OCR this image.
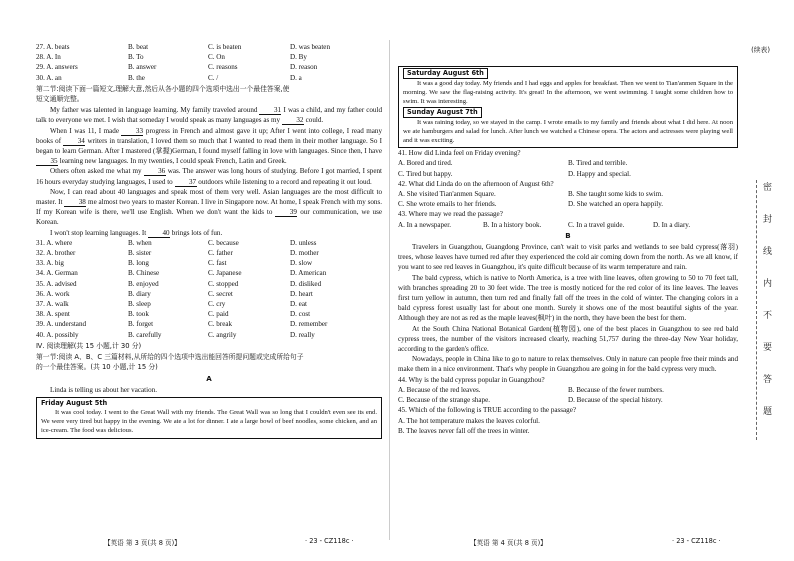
27. A. beats	B. beat	C. is beaten	D. was beaten
28. A. In	B. To	C. On	D. By
29. A. answers	B. answer	C. reasons	D. reason
30. A. an	B. the	C. /	D. a
第二节:阅读下面一篇短文,理解大意,然后从各小题的四个选项中选出一个最佳答案,使
短文通顺完整。

My father was talented in language learning. My family traveled around 31 I was a child, and my father could talk to everyone we met. I wish that someday I would speak as many languages as my 32 could.

When I was 11, I made 33 progress in French and almost gave it up; After I went into college, I read many books of 34 writers in translation, I loved them so much that I wanted to read them in their mother language. So I began to learn German. After I mastered (掌握)German, I found myself falling in love with languages. Since then, I have 35 learning new languages. In my twenties, I could speak French, Latin and Greek.

Others often asked me what my 36 was. The answer was long hours of studying. Before I got married, I spent 16 hours everyday studying languages, I used to 37 outdoors while listening to a record and repeating it out loud.

Now, I can read about 40 languages and speak most of them very well. Asian languages are the most difficult to master. It 38 me almost two years to master Korean. I live in Singapore now. At home, I speak French with my sons. If my Korean wife is there, we'll use English. When we don't want the kids to 39 our communication, we use Korean.

I won't stop learning languages. It 40 brings lots of fun.

31. A. where	B. when	C. because	D. unless
32. A. brother	B. sister	C. father	D. mother
33. A. big	B. long	C. fast	D. slow
34. A. German	B. Chinese	C. Japanese	D. American
35. A. advised	B. enjoyed	C. stopped	D. disliked
36. A. work	B. diary	C. secret	D. heart
37. A. walk	B. sleep	C. cry	D. eat
38. A. spent	B. took	C. paid	D. cost
39. A. understand	B. forget	C. break	D. remember
40. A. possibly	B. carefully	C. angrily	D. really
Ⅳ. 阅读理解(共 15 小题,计 30 分)
第一节:阅读 A、B、C 三篇材料,从所给的四个选项中选出能回答所提问题或完成所给句子
的一个最佳答案。(共 10 小题,计 15 分)
A

Linda is telling us about her vacation.

Friday August 5th

It was cool today. I went to the Great Wall with my friends. The Great Wall was so long that I couldn't even see its end. We were very tired but happy in the evening. We ate a lot for dinner. I ate a large bowl of beef noodles, some chicken, and an ice-cream. The food was delicious.

【英语 第 3 页(共 8 页)】	· 23 - CZ118c ·
(续表)
Saturday August 6th

It was a good day today. My friends and I had eggs and apples for breakfast. Then we went to Tian'anmen Square in the morning. We saw the flag-raising activity. It's great! In the afternoon, we went swimming. I taught some children how to swim. It was interesting.

Sunday August 7th

It was raining today, so we stayed in the camp. I wrote emails to my family and friends about what I did here. At noon we ate hamburgers and salad for lunch. After lunch we watched a Chinese opera. The actors and actresses were playing well and it was exciting.

41. How did Linda feel on Friday evening?
A. Bored and tired.	B. Tired and terrible.
C. Tired but happy.	D. Happy and special.
42. What did Linda do on the afternoon of August 6th?
A. She visited Tian'anmen Square.	B. She taught some kids to swim.
C. She wrote emails to her friends.	D. She watched an opera happily.
43. Where may we read the passage?
A. In a newspaper.	B. In a history book.	C. In a travel guide.	D. In a diary.
B

Travelers in Guangzhou, Guangdong Province, can't wait to visit parks and wetlands to see bald cypress(落羽) trees, whose leaves have turned red after they experienced the cold air coming down from the north. As we all know, if you want to see red leaves in Guangzhou, it's quite difficult because of its warm temperature and rain.

The bald cypress, which is native to North America, is a tree with line leaves, often growing to 50 to 70 feet tall, with branches spreading 20 to 30 feet wide. The tree is mostly noticed for the red color of its line leaves. The leaves first turn yellow in autumn, then turn red and finally fall off the trees in the cold of winter. The changing colors in a bald cypress forest usually last for about one month. Surely it shows one of the most beautiful sights of the year. Although they are not as red as the maple leaves(枫叶) in the north, they have been the best for them.

At the South China National Botanical Garden(植物园), one of the best places in Guangzhou to see red bald cypress trees, the number of the visitors increased clearly, reaching 51,757 during the three-day New Year holiday, according to the garden's office.

Nowadays, people in China like to go to nature to relax themselves. Only in nature can people free their minds and make them in a nice environment. That's why people in Guangzhou are going in for the bald cypress very much.

44. Why is the bald cypress popular in Guangzhou?
A. Because of the red leaves.	B. Because of the fewer numbers.
C. Because of the strange shape.	D. Because of the special history.
45. Which of the following is TRUE according to the passage?
A. The hot temperature makes the leaves colorful.
B. The leaves never fall off the trees in winter.
【英语 第 4 页(共 8 页)】	· 23 - CZ118c ·
密
封
线
内
不
要
答
题
